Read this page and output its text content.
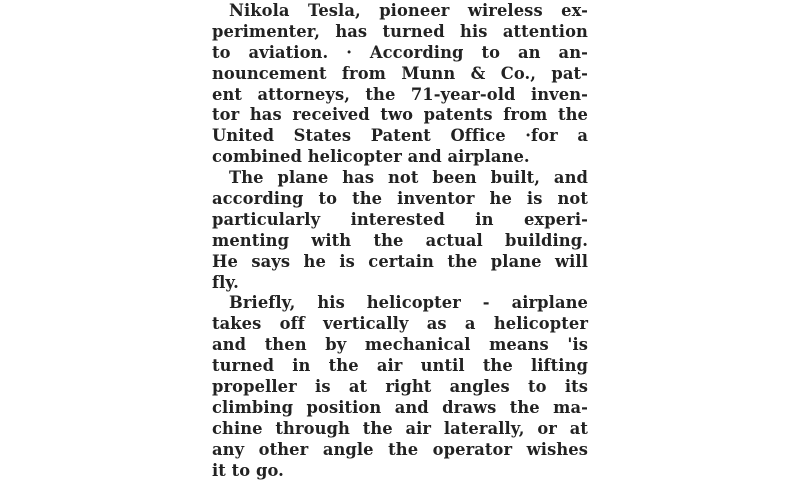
Nikola Tesla, pioneer wireless ex-
perimenter, has turned his attention
to aviation. · According to an an-
nouncement from Munn & Co., pat-
ent attorneys, the 71-year-old inven-
tor has received two patents from the
United States Patent Office ·for a
combined helicopter and airplane.
The plane has not been built, and
according to the inventor he is not
particularly interested in experi-
menting with the actual building.
He says he is certain the plane will
fly.
Briefly, his helicopter - airplane
takes off vertically as a helicopter
and then by mechanical means 'is
turned in the air until the lifting
propeller is at right angles to its
climbing position and draws the ma-
chine through the air laterally, or at
any other angle the operator wishes
it to go.
